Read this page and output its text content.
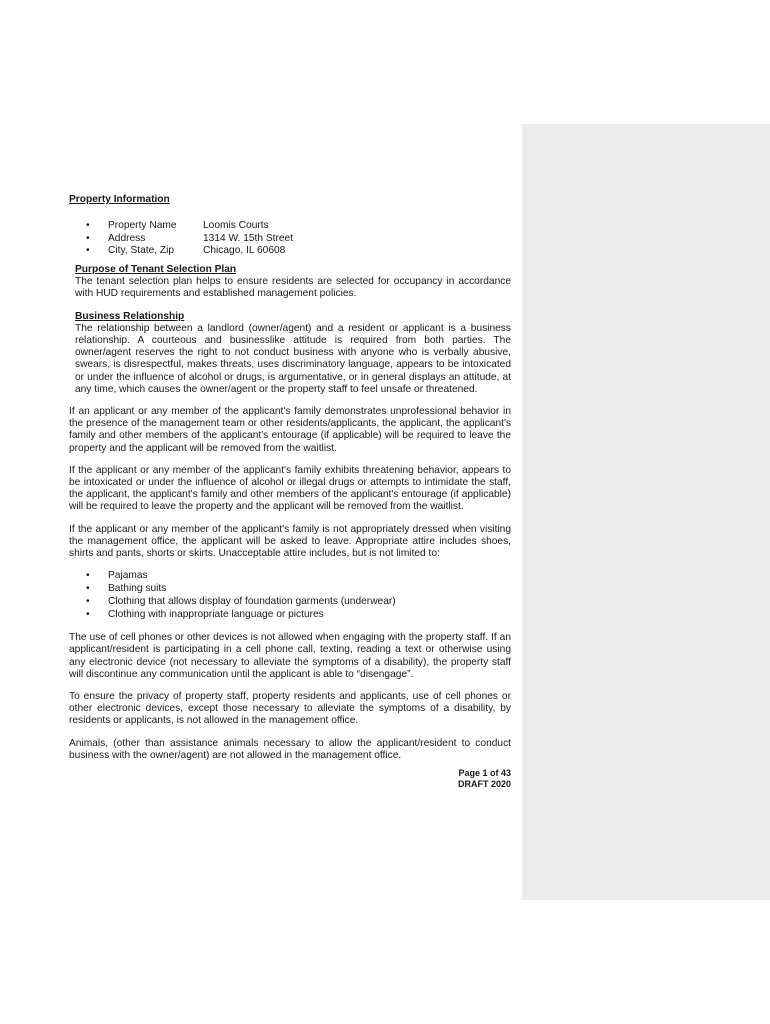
Property Information

•	Property Name	Loomis Courts
•	Address	1314 W. 15th Street
•	City, State, Zip	Chicago, IL 60608

Purpose of Tenant Selection Plan

The tenant selection plan helps to ensure residents are selected for occupancy in accordance with HUD requirements and established management policies.

Business Relationship

The relationship between a landlord (owner/agent) and a resident or applicant is a business relationship. A courteous and businesslike attitude is required from both parties. The owner/agent reserves the right to not conduct business with anyone who is verbally abusive, swears, is disrespectful, makes threats, uses discriminatory language, appears to be intoxicated or under the influence of alcohol or drugs, is argumentative, or in general displays an attitude, at any time, which causes the owner/agent or the property staff to feel unsafe or threatened.

If an applicant or any member of the applicant's family demonstrates unprofessional behavior in the presence of the management team or other residents/applicants, the applicant, the applicant's family and other members of the applicant's entourage (if applicable) will be required to leave the property and the applicant will be removed from the waitlist.

If the applicant or any member of the applicant's family exhibits threatening behavior, appears to be intoxicated or under the influence of alcohol or illegal drugs or attempts to intimidate the staff, the applicant, the applicant's family and other members of the applicant's entourage (if applicable) will be required to leave the property and the applicant will be removed from the waitlist.

If the applicant or any member of the applicant's family is not appropriately dressed when visiting the management office, the applicant will be asked to leave. Appropriate attire includes shoes, shirts and pants, shorts or skirts. Unacceptable attire includes, but is not limited to:

•	Pajamas
•	Bathing suits
•	Clothing that allows display of foundation garments (underwear)
•	Clothing with inappropriate language or pictures

The use of cell phones or other devices is not allowed when engaging with the property staff. If an applicant/resident is participating in a cell phone call, texting, reading a text or otherwise using any electronic device (not necessary to alleviate the symptoms of a disability), the property staff will discontinue any communication until the applicant is able to “disengage”.

To ensure the privacy of property staff, property residents and applicants, use of cell phones or other electronic devices, except those necessary to alleviate the symptoms of a disability, by residents or applicants, is not allowed in the management office.

Animals, (other than assistance animals necessary to allow the applicant/resident to conduct business with the owner/agent) are not allowed in the management office.

Page 1 of 43
DRAFT 2020
